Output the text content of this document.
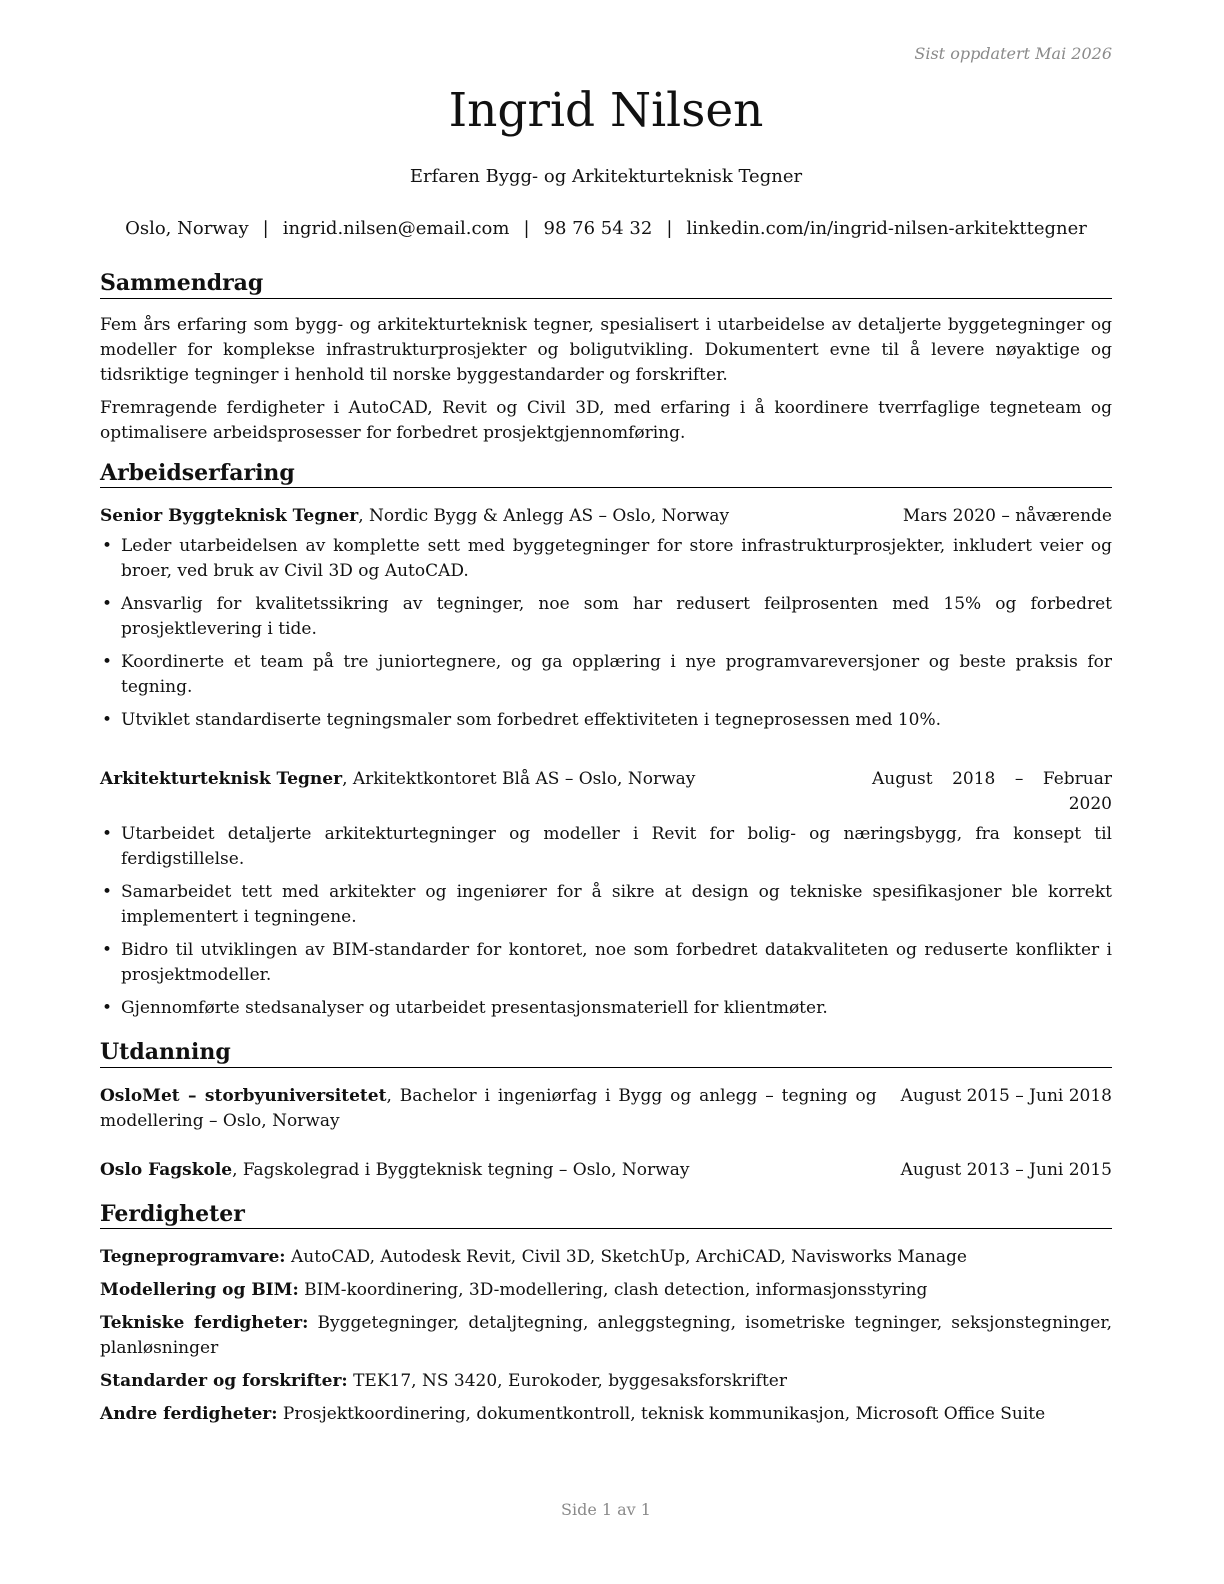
Sist oppdatert Mai 2026
Ingrid Nilsen
Erfaren Bygg- og Arkitekturteknisk Tegner
Oslo, Norway | ingrid.nilsen@email.com | 98 76 54 32 | linkedin.com/in/ingrid-nilsen-arkitekttegner
Sammendrag

Fem års erfaring som bygg- og arkitekturteknisk tegner, spesialisert i utarbeidelse av detaljerte byggetegninger og modeller for komplekse infrastrukturprosjekter og boligutvikling. Dokumentert evne til å levere nøyaktige og tidsriktige tegninger i henhold til norske byggestandarder og forskrifter.

Fremragende ferdigheter i AutoCAD, Revit og Civil 3D, med erfaring i å koordinere tverrfaglige tegneteam og optimalisere arbeidsprosesser for forbedret prosjektgjennomføring.

Arbeidserfaring
Senior Byggteknisk Tegner, Nordic Bygg & Anlegg AS – Oslo, Norway	Mars 2020 – nåværende
• Leder utarbeidelsen av komplette sett med byggetegninger for store infrastrukturprosjekter, inkludert veier og broer, ved bruk av Civil 3D og AutoCAD.
• Ansvarlig for kvalitetssikring av tegninger, noe som har redusert feilprosenten med 15% og forbedret prosjektlevering i tide.
• Koordinerte et team på tre juniortegnere, og ga opplæring i nye programvareversjoner og beste praksis for tegning.
• Utviklet standardiserte tegningsmaler som forbedret effektiviteten i tegneprosessen med 10%.
Arkitekturteknisk Tegner, Arkitektkontoret Blå AS – Oslo, Norway	August 2018 – Februar 2020
• Utarbeidet detaljerte arkitekturtegninger og modeller i Revit for bolig- og næringsbygg, fra konsept til ferdigstillelse.
• Samarbeidet tett med arkitekter og ingeniører for å sikre at design og tekniske spesifikasjoner ble korrekt implementert i tegningene.
• Bidro til utviklingen av BIM-standarder for kontoret, noe som forbedret datakvaliteten og reduserte konflikter i prosjektmodeller.
• Gjennomførte stedsanalyser og utarbeidet presentasjonsmateriell for klientmøter.
Utdanning
OsloMet – storbyuniversitetet, Bachelor i ingeniørfag i Bygg og anlegg – tegning og modellering – Oslo, Norway
August 2015 – Juni 2018
Oslo Fagskole, Fagskolegrad i Byggteknisk tegning – Oslo, Norway	August 2013 – Juni 2015
Ferdigheter
Tegneprogramvare: AutoCAD, Autodesk Revit, Civil 3D, SketchUp, ArchiCAD, Navisworks Manage
Modellering og BIM: BIM-koordinering, 3D-modellering, clash detection, informasjonsstyring
Tekniske ferdigheter: Byggetegninger, detaljtegning, anleggstegning, isometriske tegninger, seksjonstegninger, planløsninger
Standarder og forskrifter: TEK17, NS 3420, Eurokoder, byggesaksforskrifter
Andre ferdigheter: Prosjektkoordinering, dokumentkontroll, teknisk kommunikasjon, Microsoft Office Suite
Side 1 av 1
